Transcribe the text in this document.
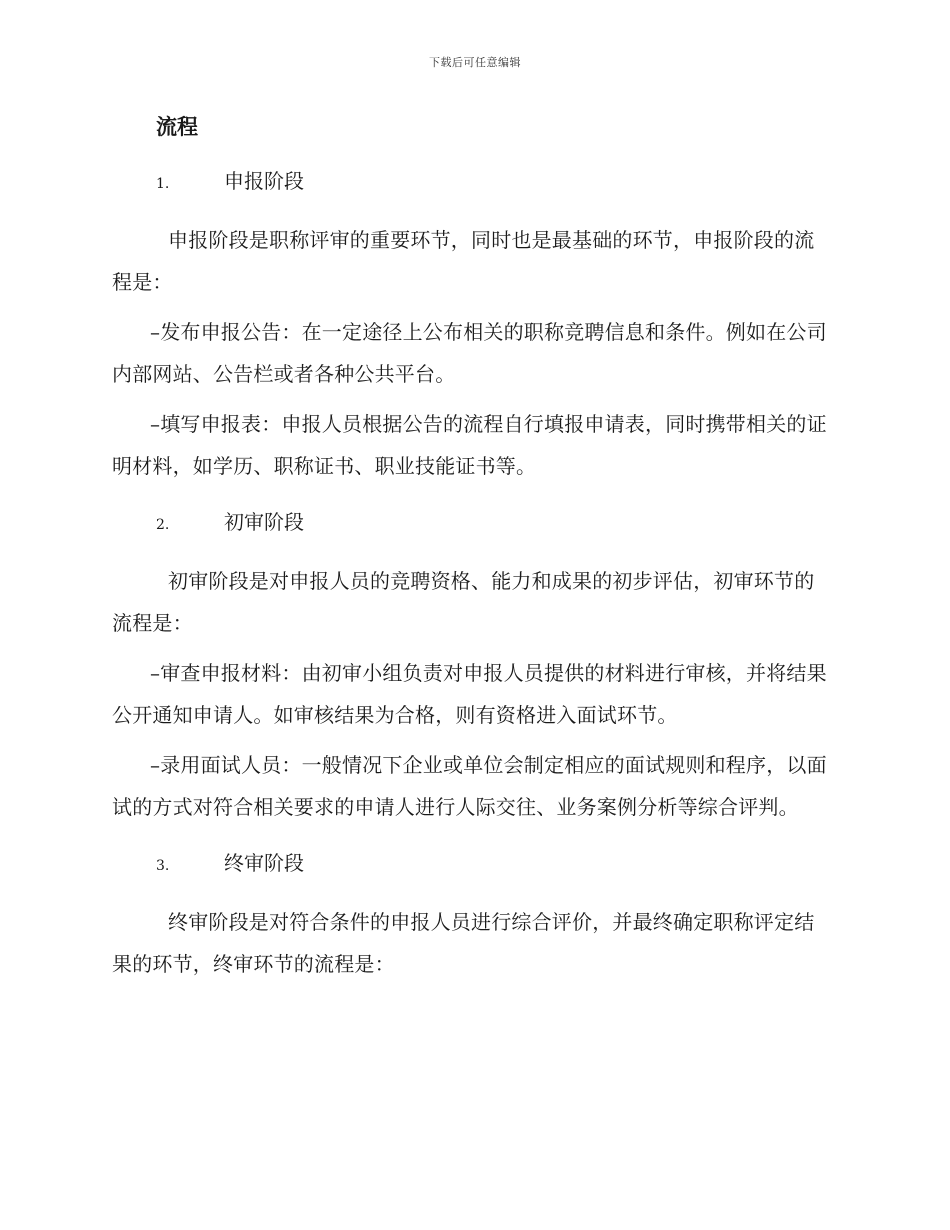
下载后可任意编辑
流程
1.	申报阶段

申报阶段是职称评审的重要环节，同时也是最基础的环节，申报阶段的流程是：

–发布申报公告：在一定途径上公布相关的职称竞聘信息和条件。例如在公司内部网站、公告栏或者各种公共平台。

–填写申报表：申报人员根据公告的流程自行填报申请表，同时携带相关的证明材料，如学历、职称证书、职业技能证书等。

2.	初审阶段

初审阶段是对申报人员的竞聘资格、能力和成果的初步评估，初审环节的流程是：

–审查申报材料：由初审小组负责对申报人员提供的材料进行审核，并将结果公开通知申请人。如审核结果为合格，则有资格进入面试环节。

–录用面试人员：一般情况下企业或单位会制定相应的面试规则和程序，以面试的方式对符合相关要求的申请人进行人际交往、业务案例分析等综合评判。

3.	终审阶段

终审阶段是对符合条件的申报人员进行综合评价，并最终确定职称评定结果的环节，终审环节的流程是：
